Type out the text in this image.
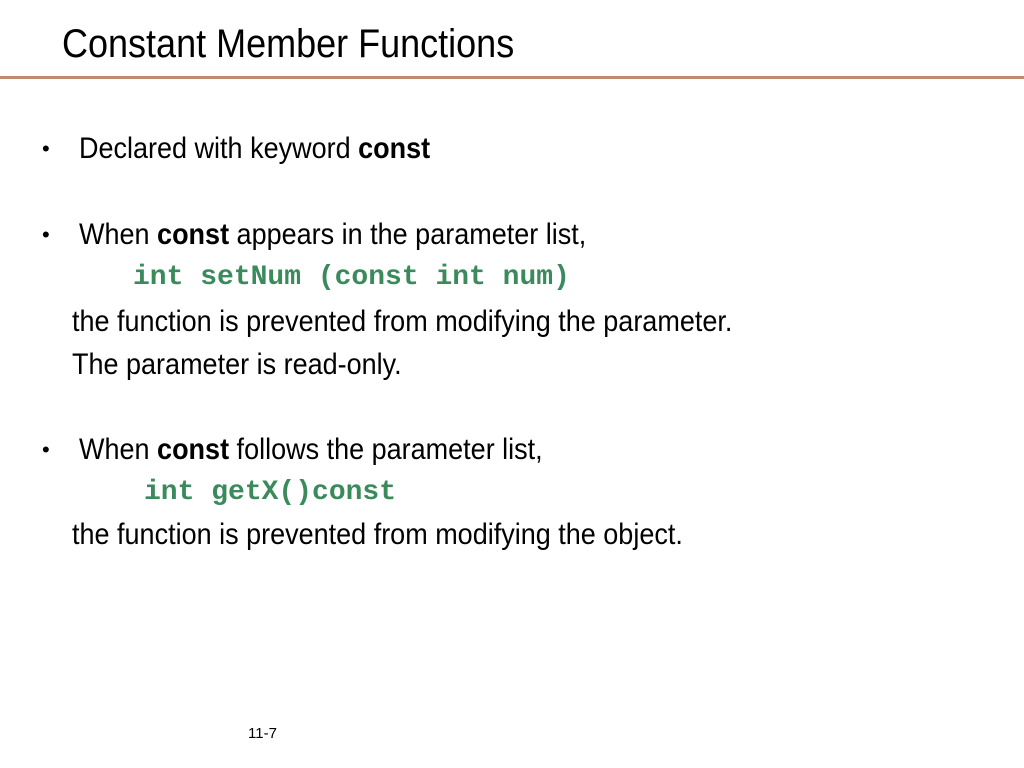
Constant Member Functions
• Declared with keyword const
• When const appears in the parameter list,
int setNum (const int num)
the function is prevented from modifying the parameter.
The parameter is read-only.
• When const follows the parameter list,
int getX()const
the function is prevented from modifying the object.
11-7
